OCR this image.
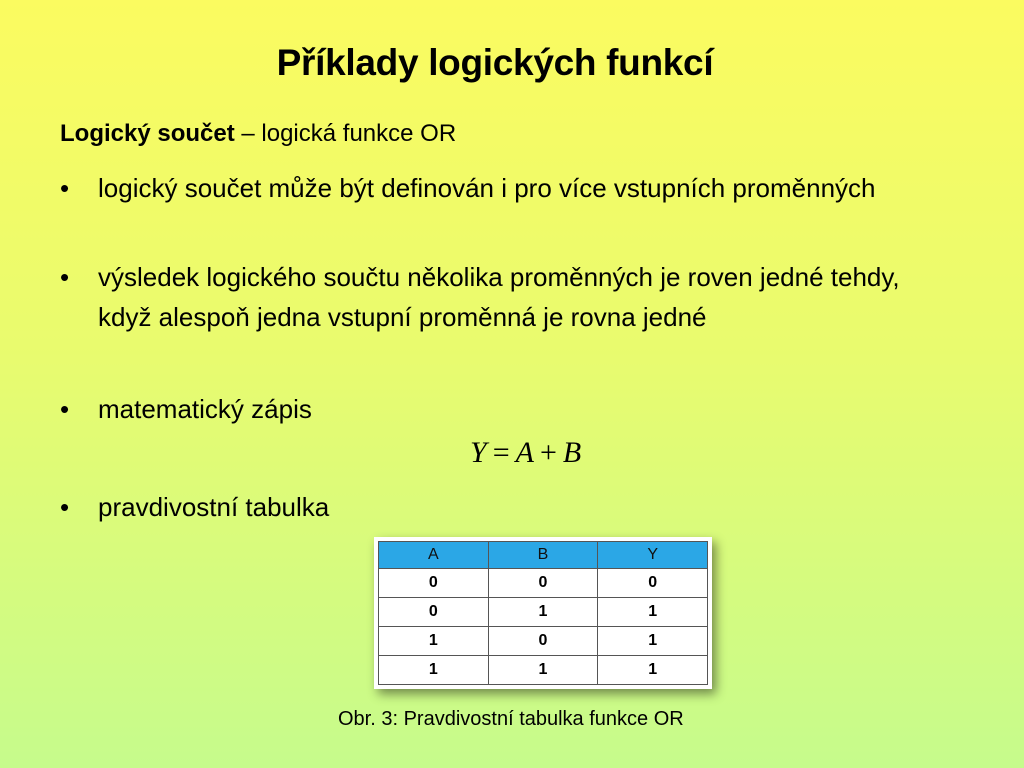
Příklady logických funkcí
Logický součet – logická funkce OR
•	logický součet může být definován i pro více vstupních proměnných
•	výsledek logického součtu několika proměnných je roven jedné tehdy, když alespoň jedna vstupní proměnná je rovna jedné
•	matematický zápis
Y = A + B
•	pravdivostní tabulka
A	B	Y
0	0	0
0	1	1
1	0	1
1	1	1
Obr. 3: Pravdivostní tabulka funkce OR
